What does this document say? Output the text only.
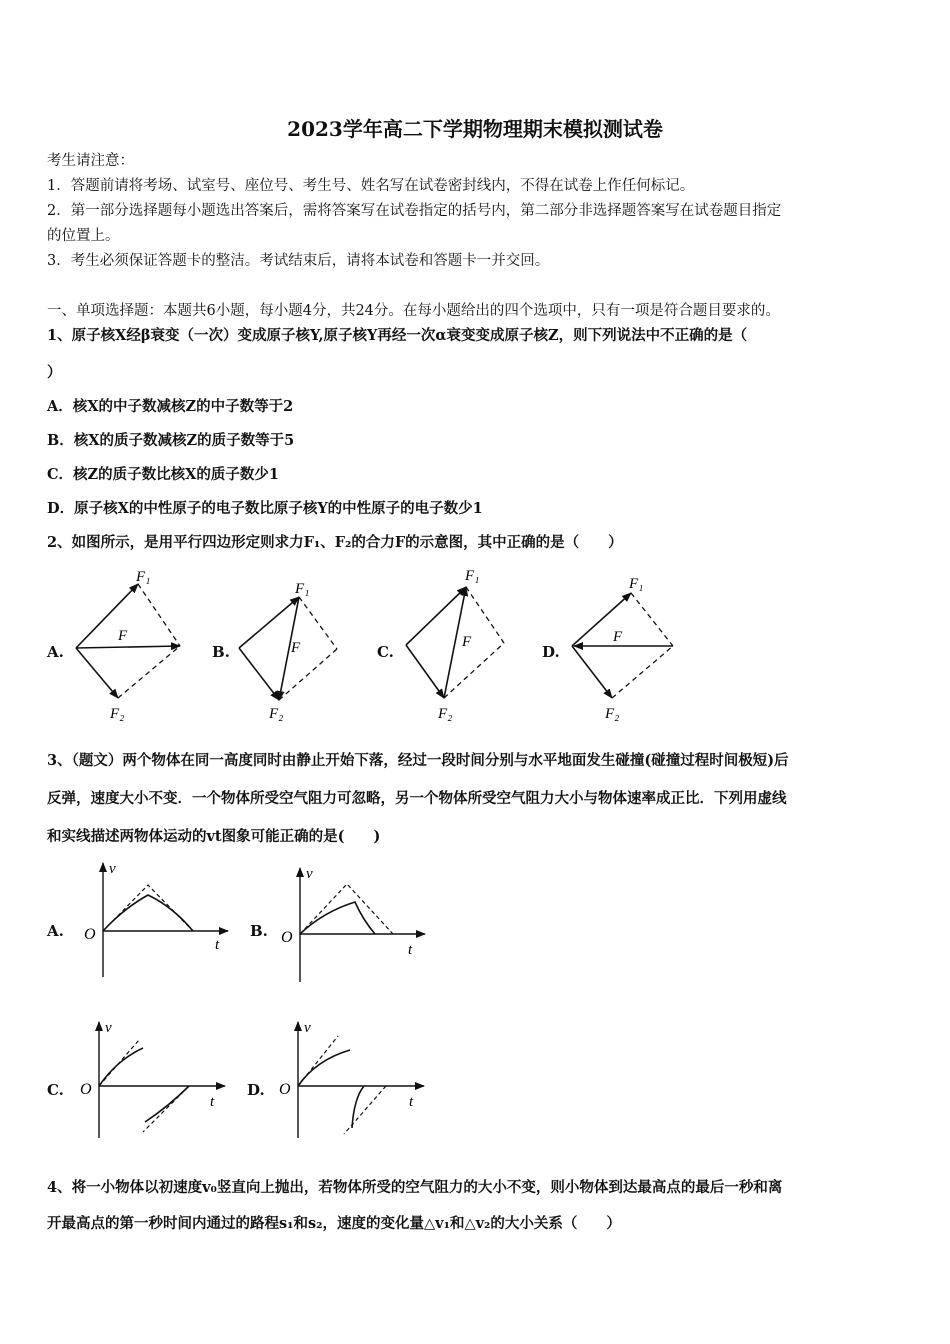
2023学年高二下学期物理期末模拟测试卷
考生请注意：
1．答题前请将考场、试室号、座位号、考生号、姓名写在试卷密封线内，不得在试卷上作任何标记。
2．第一部分选择题每小题选出答案后，需将答案写在试卷指定的括号内，第二部分非选择题答案写在试卷题目指定
的位置上。
3．考生必须保证答题卡的整洁。考试结束后，请将本试卷和答题卡一并交回。
一、单项选择题：本题共6小题，每小题4分，共24分。在每小题给出的四个选项中，只有一项是符合题目要求的。
1、原子核X经β衰变（一次）变成原子核Y,原子核Y再经一次α衰变变成原子核Z，则下列说法中不正确的是（
）
A．核X的中子数减核Z的中子数等于2
B．核X的质子数减核Z的质子数等于5
C．核Z的质子数比核X的质子数少1
D．原子核X的中性原子的电子数比原子核Y的中性原子的电子数少1
2、如图所示，是用平行四边形定则求力F₁、F₂的合力F的示意图，其中正确的是（　　）
A.
F₁
F
F₂
B.
F₁
F
F₂
C.
F₁
F
F₂
D.
F₁
F
F₂
3、（题文）两个物体在同一高度同时由静止开始下落，经过一段时间分别与水平地面发生碰撞(碰撞过程时间极短)后
反弹，速度大小不变．一个物体所受空气阻力可忽略，另一个物体所受空气阻力大小与物体速率成正比．下列用虚线
和实线描述两物体运动的vt图象可能正确的是(　　)
A.
v
t
O	B.
v
t
O
C.
v
t
O	D.
v
t
O
4、将一小物体以初速度v₀竖直向上抛出，若物体所受的空气阻力的大小不变，则小物体到达最高点的最后一秒和离
开最高点的第一秒时间内通过的路程s₁和s₂，速度的变化量△v₁和△v₂的大小关系（　　）
